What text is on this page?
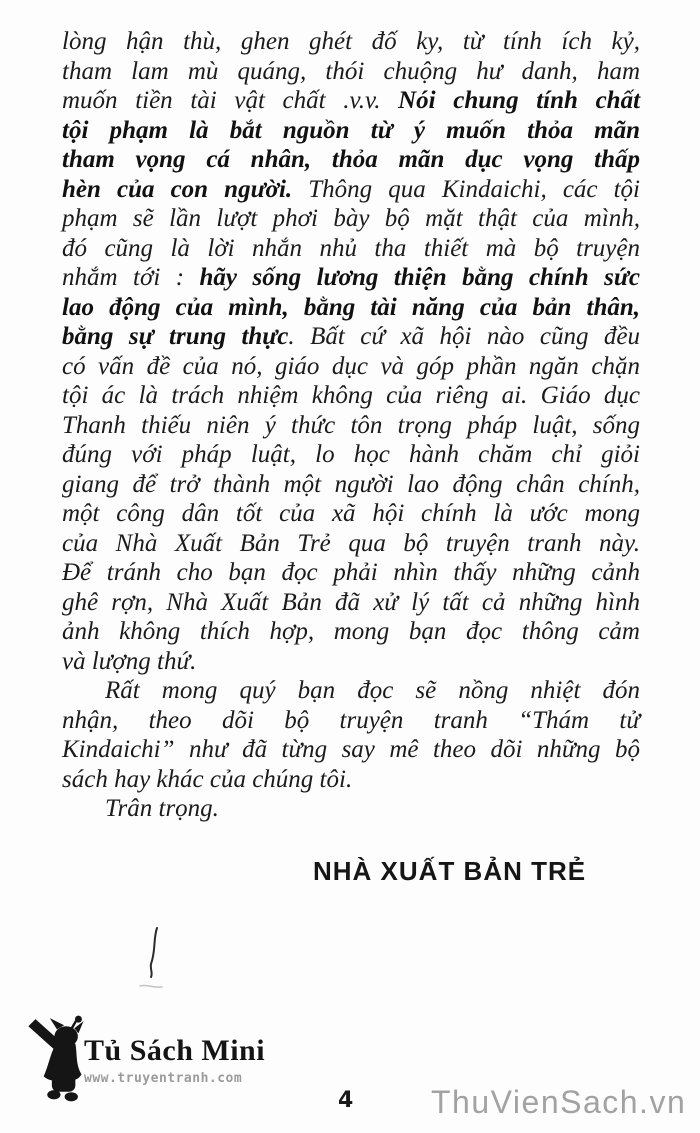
lòng hận thù, ghen ghét đố ky, từ tính ích kỷ,
tham lam mù quáng, thói chuộng hư danh, ham
muốn tiền tài vật chất .v.v. Nói chung tính chất
tội phạm là bắt nguồn từ ý muốn thỏa mãn
tham vọng cá nhân, thỏa mãn dục vọng thấp
hèn của con người. Thông qua Kindaichi, các tội
phạm sẽ lần lượt phơi bày bộ mặt thật của mình,
đó cũng là lời nhắn nhủ tha thiết mà bộ truyện
nhắm tới : hãy sống lương thiện bằng chính sức
lao động của mình, bằng tài năng của bản thân,
bằng sự trung thực. Bất cứ xã hội nào cũng đều
có vấn đề của nó, giáo dục và góp phần ngăn chặn
tội ác là trách nhiệm không của riêng ai. Giáo dục
Thanh thiếu niên ý thức tôn trọng pháp luật, sống
đúng với pháp luật, lo học hành chăm chỉ giỏi
giang để trở thành một người lao động chân chính,
một công dân tốt của xã hội chính là ước mong
của Nhà Xuất Bản Trẻ qua bộ truyện tranh này.
Để tránh cho bạn đọc phải nhìn thấy những cảnh
ghê rợn, Nhà Xuất Bản đã xử lý tất cả những hình
ảnh không thích hợp, mong bạn đọc thông cảm
và lượng thứ.
Rất mong quý bạn đọc sẽ nồng nhiệt đón
nhận, theo dõi bộ truyện tranh “Thám tử
Kindaichi” như đã từng say mê theo dõi những bộ
sách hay khác của chúng tôi.
Trân trọng.
NHÀ XUẤT BẢN TRẺ
Tủ Sách Mini
www.truyentranh.com
4 ThuVienSach.vn
